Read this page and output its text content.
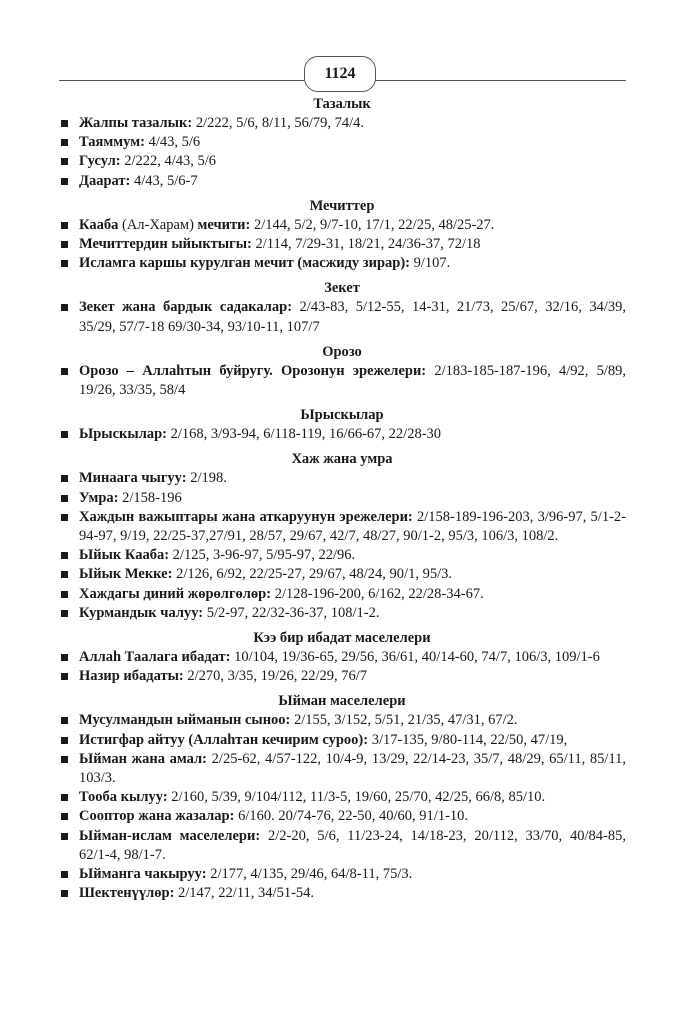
1124
Тазалык
Жалпы тазалык: 2/222, 5/6, 8/11, 56/79, 74/4.
Таяммум: 4/43, 5/6
Гусул: 2/222, 4/43, 5/6
Даарат: 4/43, 5/6-7
Мечиттер
Кааба (Ал-Харам) мечити: 2/144, 5/2, 9/7-10, 17/1, 22/25, 48/25-27.
Мечиттердин ыйыктыгы: 2/114, 7/29-31, 18/21, 24/36-37, 72/18
Исламга каршы курулган мечит (масжиду зирар): 9/107.
Зекет
Зекет жана бардык садакалар: 2/43-83, 5/12-55, 14-31, 21/73, 25/67, 32/16, 34/39, 35/29, 57/7-18 69/30-34, 93/10-11, 107/7
Орозо
Орозо – Аллаhтын буйругу. Орозонун эрежелери: 2/183-185-187-196, 4/92, 5/89, 19/26, 33/35, 58/4
Ырыскылар
Ырыскылар: 2/168, 3/93-94, 6/118-119, 16/66-67, 22/28-30
Хаж жана умра
Минаага чыгуу: 2/198.
Умра: 2/158-196
Хаждын важыптары жана аткаруунун эрежелери: 2/158-189-196-203, 3/96-97, 5/1-2-94-97, 9/19, 22/25-37,27/91, 28/57, 29/67, 42/7, 48/27, 90/1-2, 95/3, 106/3, 108/2.
Ыйык Кааба: 2/125, 3-96-97, 5/95-97, 22/96.
Ыйык Мекке: 2/126, 6/92, 22/25-27, 29/67, 48/24, 90/1, 95/3.
Хаждагы диний жөрөлгөлөр: 2/128-196-200, 6/162, 22/28-34-67.
Курмандык чалуу: 5/2-97, 22/32-36-37, 108/1-2.
Кээ бир ибадат маселелери
Аллаh Таалага ибадат: 10/104, 19/36-65, 29/56, 36/61, 40/14-60, 74/7, 106/3, 109/1-6
Назир ибадаты: 2/270, 3/35, 19/26, 22/29, 76/7
Ыйман маселелери
Мусулмандын ыйманын сыноо: 2/155, 3/152, 5/51, 21/35, 47/31, 67/2.
Истигфар айтуу (Аллаhтан кечирим суроо): 3/17-135, 9/80-114, 22/50, 47/19,
Ыйман жана амал: 2/25-62, 4/57-122, 10/4-9, 13/29, 22/14-23, 35/7, 48/29, 65/11, 85/11, 103/3.
Тооба кылуу: 2/160, 5/39, 9/104/112, 11/3-5, 19/60, 25/70, 42/25, 66/8, 85/10.
Сооптор жана жазалар: 6/160. 20/74-76, 22-50, 40/60, 91/1-10.
Ыйман-ислам маселелери: 2/2-20, 5/6, 11/23-24, 14/18-23, 20/112, 33/70, 40/84-85, 62/1-4, 98/1-7.
Ыйманга чакыруу: 2/177, 4/135, 29/46, 64/8-11, 75/3.
Шектенүүлөр: 2/147, 22/11, 34/51-54.
